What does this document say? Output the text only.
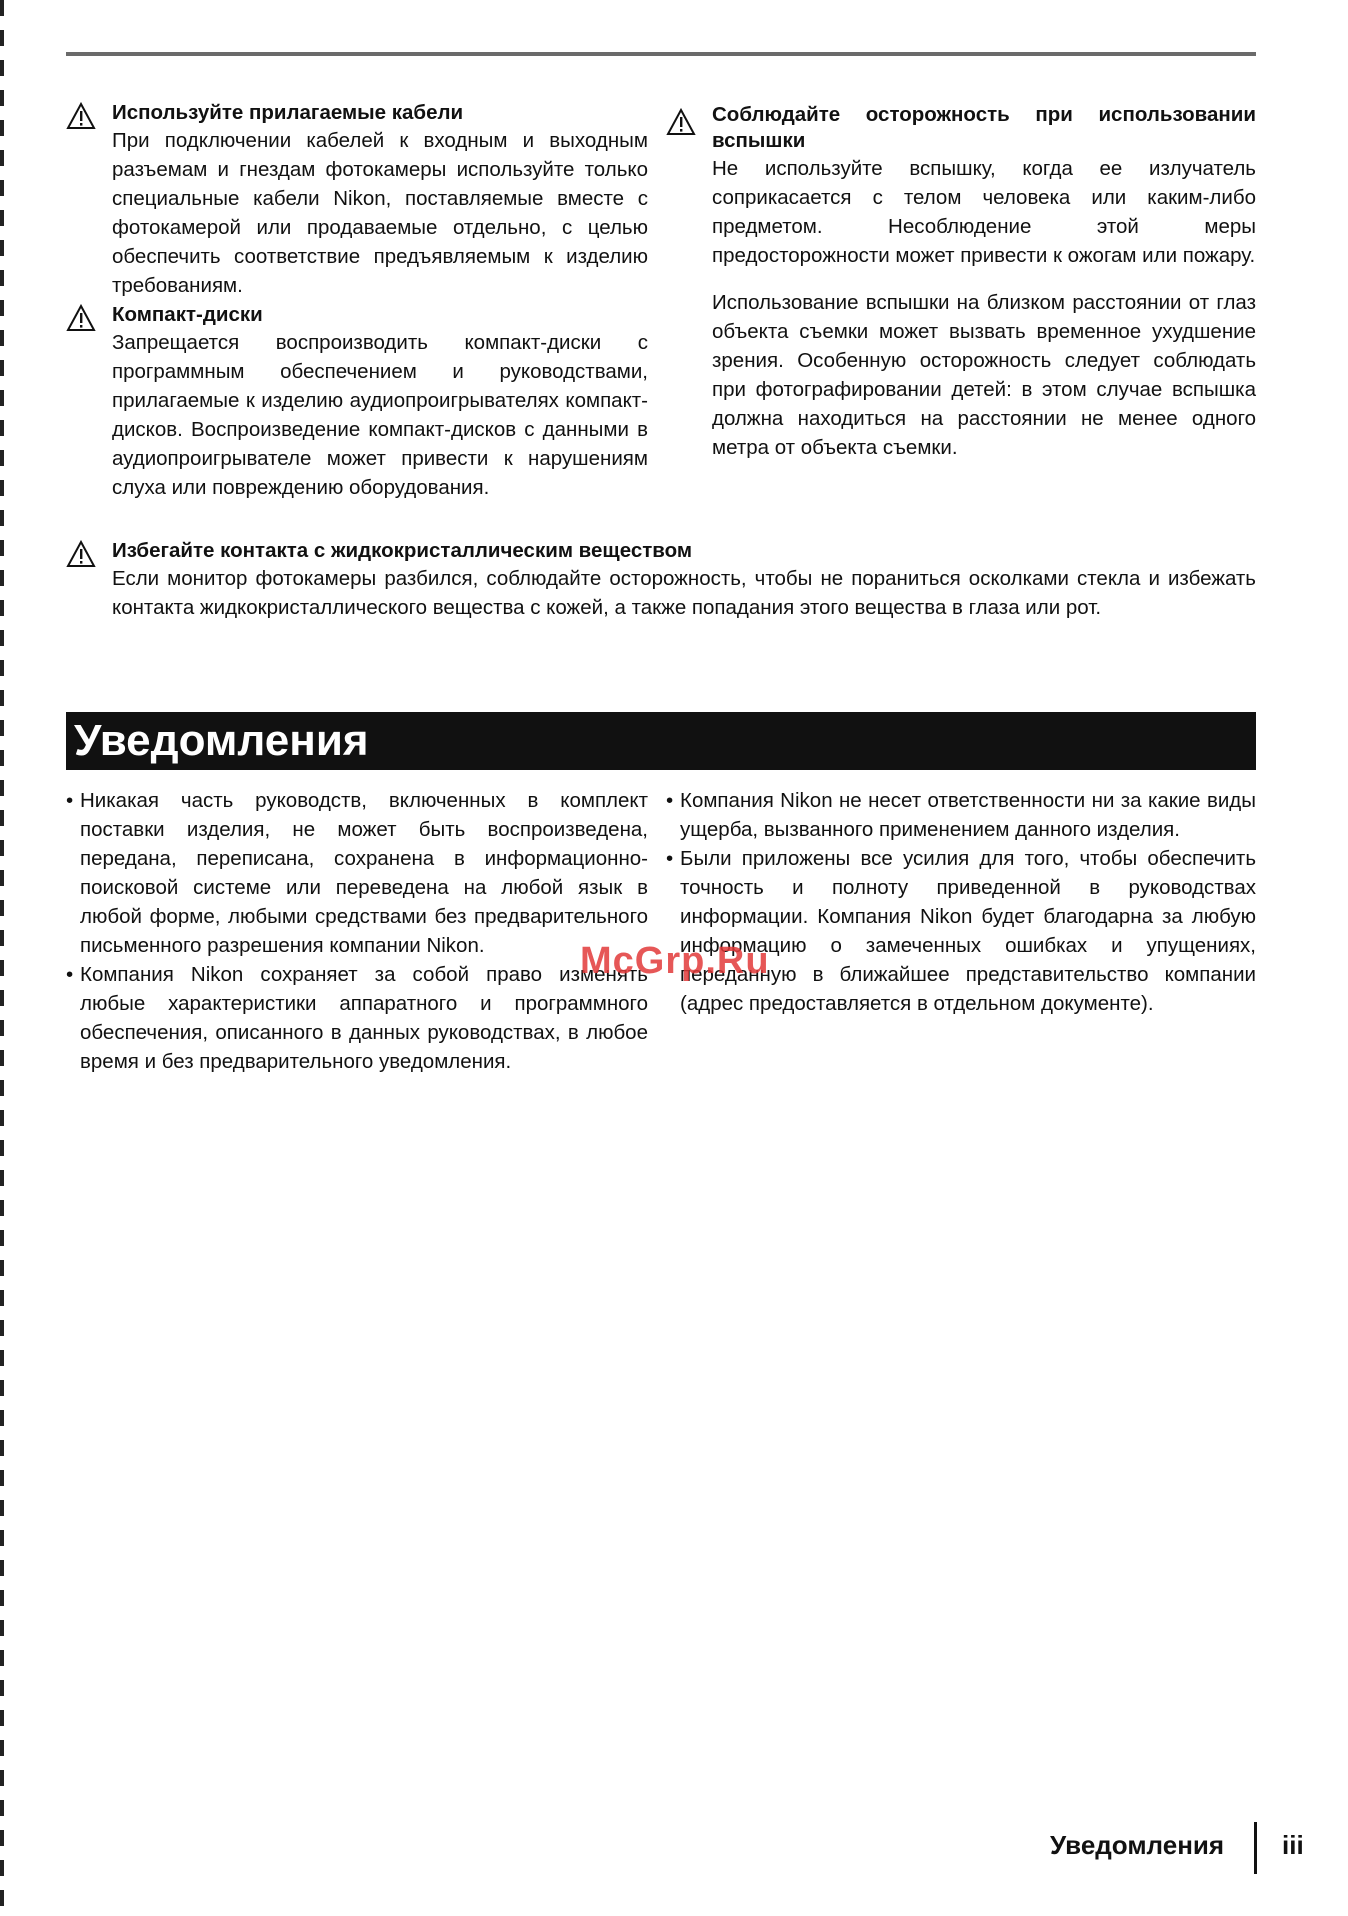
Используйте прилагаемые кабели

При подключении кабелей к входным и выходным разъемам и гнездам фотокамеры используйте только специальные кабели Nikon, поставляемые вместе с фотокамерой или продаваемые отдельно, с целью обеспечить соответствие предъявляемым к изделию требованиям.

Компакт-диски

Запрещается воспроизводить компакт-диски с программным обеспечением и руководствами, прилагаемые к изделию аудиопроигрывателях компакт-дисков. Воспроизведение компакт-дисков с данными в аудиопроигрывателе может привести к нарушениям слуха или повреждению оборудования.

Соблюдайте осторожность при использовании вспышки

Не используйте вспышку, когда ее излучатель соприкасается с телом человека или каким-либо предметом. Несоблюдение этой меры предосторожности может привести к ожогам или пожару.

Использование вспышки на близком расстоянии от глаз объекта съемки может вызвать временное ухудшение зрения. Особенную осторожность следует соблюдать при фотографировании детей: в этом случае вспышка должна находиться на расстоянии не менее одного метра от объекта съемки.

Избегайте контакта с жидкокристаллическим веществом

Если монитор фотокамеры разбился, соблюдайте осторожность, чтобы не пораниться осколками стекла и избежать контакта жидкокристаллического вещества с кожей, а также попадания этого вещества в глаза или рот.

Уведомления

• Никакая часть руководств, включенных в комплект поставки изделия, не может быть воспроизведена, передана, переписана, сохранена в информационно-поисковой системе или переведена на любой язык в любой форме, любыми средствами без предварительного письменного разрешения компании Nikon.

• Компания Nikon сохраняет за собой право изменять любые характеристики аппаратного и программного обеспечения, описанного в данных руководствах, в любое время и без предварительного уведомления.

• Компания Nikon не несет ответственности ни за какие виды ущерба, вызванного применением данного изделия.

• Были приложены все усилия для того, чтобы обеспечить точность и полноту приведенной в руководствах информации. Компания Nikon будет благодарна за любую информацию о замеченных ошибках и упущениях, переданную в ближайшее представительство компании (адрес предоставляется в отдельном документе).

McGrp.Ru
Уведомления iii
